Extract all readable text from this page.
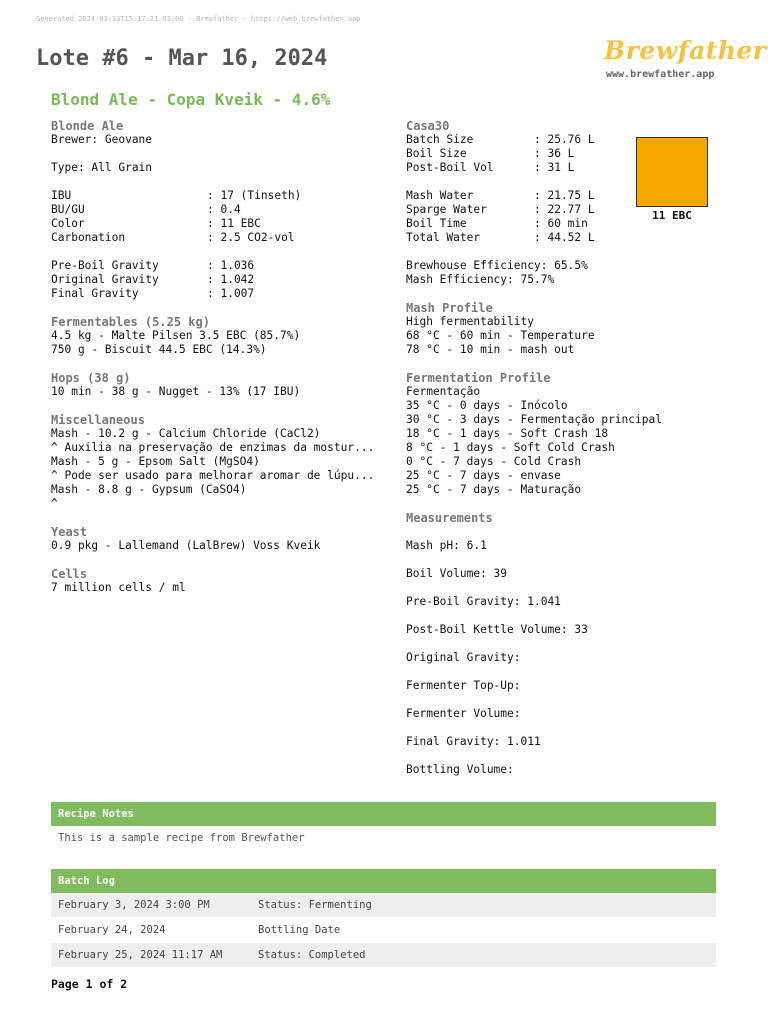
Generated 2024-03-13T15:17:21-03:00 - Brewfather - https://web.brewfather.app
Lote #6 - Mar 16, 2024	Brewfather
www.brewfather.app
Blond Ale - Copa Kveik - 4.6%
Blonde Ale
Brewer: Geovane
Type: All Grain
IBU	: 17 (Tinseth)
BU/GU	: 0.4
Color	: 11 EBC
Carbonation	: 2.5 CO2-vol
Pre-Boil Gravity	: 1.036
Original Gravity	: 1.042
Final Gravity	: 1.007
Fermentables (5.25 kg)
4.5 kg - Malte Pilsen 3.5 EBC (85.7%)
750 g - Biscuit 44.5 EBC (14.3%)
Hops (38 g)
10 min - 38 g - Nugget - 13% (17 IBU)
Miscellaneous
Mash - 10.2 g - Calcium Chloride (CaCl2)
^ Auxilia na preservação de enzimas da mostur...
Mash - 5 g - Epsom Salt (MgSO4)
^ Pode ser usado para melhorar aromar de lúpu...
Mash - 8.8 g - Gypsum (CaSO4)
^
Yeast
0.9 pkg - Lallemand (LalBrew) Voss Kveik
Cells
7 million cells / ml
Casa30
Batch Size	: 25.76 L
Boil Size	: 36 L
Post-Boil Vol	: 31 L
Mash Water	: 21.75 L
Sparge Water	: 22.77 L
Boil Time	: 60 min
Total Water	: 44.52 L
Brewhouse Efficiency: 65.5%
Mash Efficiency: 75.7%
Mash Profile
High fermentability
68 °C - 60 min - Temperature
78 °C - 10 min - mash out
Fermentation Profile
Fermentação
35 °C - 0 days - Inócolo
30 °C - 3 days - Fermentação principal
18 °C - 1 days - Soft Crash 18
8 °C - 1 days - Soft Cold Crash
0 °C - 7 days - Cold Crash
25 °C - 7 days - envase
25 °C - 7 days - Maturação
Measurements
Mash pH: 6.1
Boil Volume: 39
Pre-Boil Gravity: 1.041
Post-Boil Kettle Volume: 33
Original Gravity:
Fermenter Top-Up:
Fermenter Volume:
Final Gravity: 1.011
Bottling Volume:
11 EBC
Recipe Notes
This is a sample recipe from Brewfather
Batch Log
February 3, 2024 3:00 PM	Status: Fermenting
February 24, 2024	Bottling Date
February 25, 2024 11:17 AM	Status: Completed
Page 1 of 2
